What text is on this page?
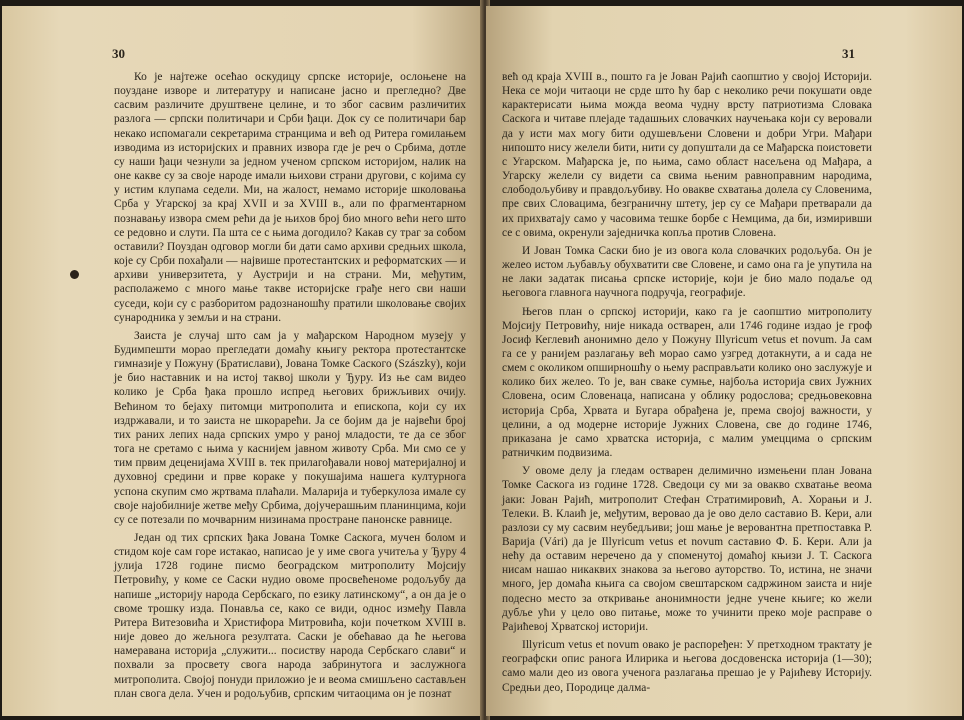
30

Ко је најтеже осећао оскудицу српске историје, ослоњене на поуздане изворе и литературу и написане јасно и прегледно? Две сасвим различите друштвене целине, и то због сасвим различитих разлога — српски политичари и Срби ђаци. Док су се политичари бар некако испомагали секретарима странцима и већ од Ритера гомилањем изводима из историјских и правних извора где је реч о Србима, дотле су наши ђаци чезнули за једном ученом српском историјом, налик на оне какве су за своје народе имали њихови страни другови, с којима су у истим клупама седели. Ми, на жалост, немамо историје школовања Срба у Угарској за крај XVII и за XVIII в., али по фрагментарном познавању извора смем рећи да је њихов број био много већи него што се редовно и слути. Па шта се с њима догодило? Какав су траг за собом оставили? Поуздан одговор могли би дати само архиви средњих школа, које су Срби похађали — највише протестантских и реформатских — и архиви универзитета, у Аустрији и на страни. Ми, међутим, располажемо с много мање такве историјске грађе него сви наши суседи, који су с разборитом радознаношћу пратили школовање својих сународника у земљи и на страни.

Заиста је случај што сам ја у мађарском Народном музеју у Будимпешти морао прегледати домаћу књигу ректора протестантске гимназије у Пожуну (Братислави), Јована Томке Саского (Szászky), који је био наставник и на истој таквој школи у Ђуру. Из ње сам видео колико је Срба ђака прошло испред његових брижљивих очију. Већином то бејаху питомци митрополита и епископа, који су их издржавали, и то заиста не шкорарећи. Ја се бојим да је највећи број тих раних лепих нада српских умро у раној младости, те да се због тога не сретамо с њима у каснијем јавном животу Срба. Ми смо се у тим првим деценијама XVIII в. тек прилагођавали новој материјалној и духовној средини и прве кораке у покушајима нашега културнога успона скупим смо жртвама плаћали. Маларија и туберкулоза имале су своје најобилније жетве међу Србима, дојучерашњим планинцима, који су се потезали по мочварним низинама простране панонске равнице.

Један од тих српских ђака Јована Томке Саскога, мучен болом и стидом које сам горе истакао, написао је у име свога учитеља у Ђуру 4 јулија 1728 године писмо београдском митрополиту Мојсију Петровићу, у коме се Саски нудио овоме просвећеноме родољубу да напише „историју народа Сербскаго, по езику латинскому“, а он да је о своме трошку изда. Понавља се, како се види, однос између Павла Ритера Витезовића и Христифора Митровића, који почетком XVIII в. није довео до жељнога резултата. Саски је обећавао да ће његова намеравана историја „служити... посиству народа Сербскаго слави“ и похвали за просвету свога народа забринутога и заслужнога митрополита. Својој понуди приложио је и веома смишљено састављен план свога дела. Учен и родољубив, српским читаоцима он је познат

31

већ од краја XVIII в., пошто га је Јован Рајић саопштио у својој Историји. Нека се моји читаоци не срде што ћу бар с неколико речи покушати овде карактерисати њима можда веома чудну врсту патриотизма Словака Саскога и читаве плејаде тадашњих словачких научењака који су веровали да у исти мах могу бити одушевљени Словени и добри Угри. Мађари нипошто нису желели бити, нити су допуштали да се Мађарска поистовети с Угарском. Мађарска је, по њима, само област насељена од Мађара, а Угарску желели су видети са свима њеним равноправним народима, слободољубиву и правдољубиву. Но овакве схватања долела су Словенима, пре свих Словацима, безграничну штету, јер су се Мађари претварали да их прихватају само у часовима тешке борбе с Немцима, да би, измиривши се с овима, окренули заједничка копља против Словена.

И Јован Томка Саски био је из овога кола словачких родољуба. Он је желео истом љубављу обухватити све Словене, и само она га је упутила на не лаки задатак писања српске историје, који је био мало подаље од његовога главнога научнога подручја, географије.

Његов план о српској историји, како га је саопштио митрополиту Мојсију Петровићу, није никада остварен, али 1746 године издао је гроф Јосиф Кеглевић анонимно дело у Пожуну Illyricum vetus et novum. Ја сам га се у ранијем разлагању већ морао само узгред дотакнути, а и сада не смем с околиком опширношћу о њему расправљати колико оно заслужује и колико бих желео. То је, ван сваке сумње, најбоља историја свих Јужних Словена, осим Словенаца, написана у облику родослова; средњовековна историја Срба, Хрвата и Бугара обрађена је, према својој важности, у целини, а од модерне историје Јужних Словена, све до године 1746, приказана је само хрватска историја, с малим умеццима о српским ратничким подвизима.

У овоме делу ја гледам остварен делимично измењени план Јована Томке Саскога из године 1728. Сведоци су ми за овакво схватање веома јаки: Јован Рајић, митрополит Стефан Стратимировић, А. Хорањи и Ј. Телеки. В. Клаић је, међутим, веровао да је ово дело саставио В. Кери, али разлози су му сасвим неубедљиви; још мање је веровантна претпоставка Р. Варија (Vári) да је Illyricum vetus et novum саставио Ф. Б. Кери. Али ја нећу да оставим неречено да у споменутој домаћој књизи Ј. Т. Саскога нисам нашао никаквих знакова за његово ауторство. То, истина, не значи много, јер домаћа књига са својом свештарском садржином заиста и није подесно место за откривање анонимности једне учене књиге; ко жели дубље ући у цело ово питање, може то учинити преко моје расправе о Рајићевој Хрватској историји.

Illyricum vetus et novum овако је распоређен: У претходном трактату је географски опис ранога Илирика и његова досдовенска историја (1—30); само мали део из овога ученога разлагања прешао је у Рајићеву Историју. Средњи део, Породице далма-
